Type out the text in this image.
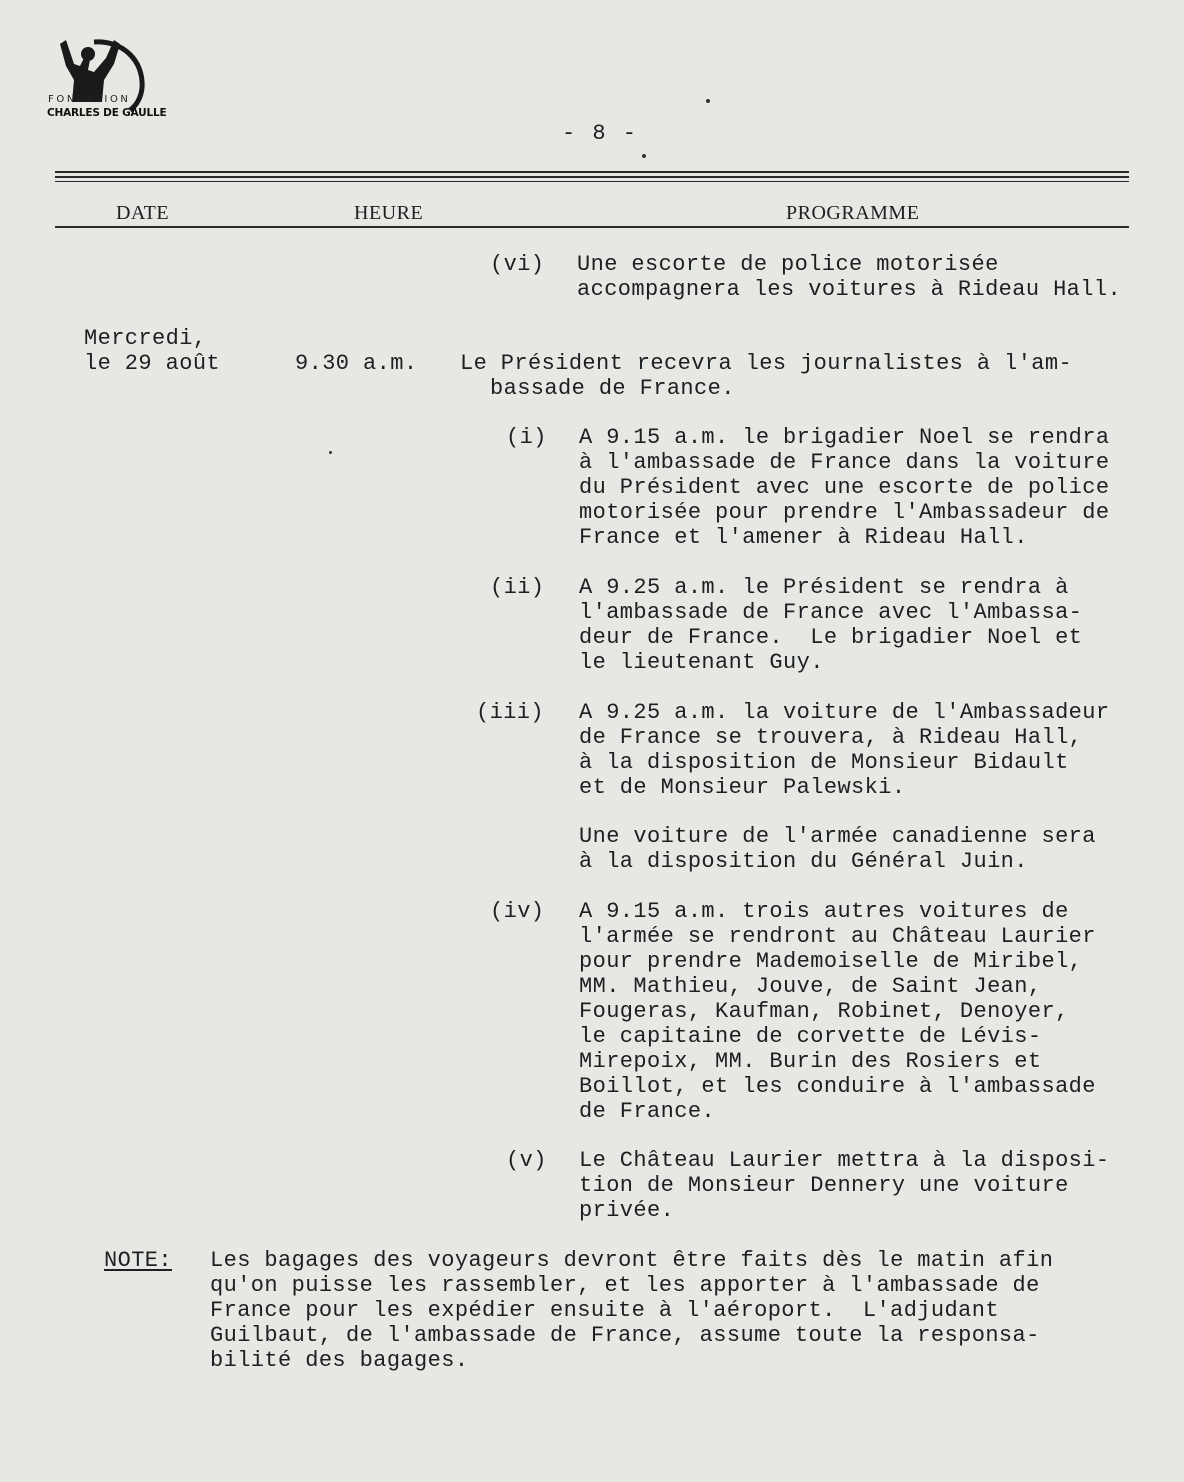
FONDATION
CHARLES DE GAULLE
- 8 -
DATE	HEURE	PROGRAMME
(vi) Une escorte de police motorisée
accompagnera les voitures à Rideau Hall.
Mercredi,
le 29 août	9.30 a.m. Le Président recevra les journalistes à l'am-
bassade de France.
(i) A 9.15 a.m. le brigadier Noel se rendra
à l'ambassade de France dans la voiture
du Président avec une escorte de police
motorisée pour prendre l'Ambassadeur de
France et l'amener à Rideau Hall.
(ii) A 9.25 a.m. le Président se rendra à
l'ambassade de France avec l'Ambassa-
deur de France.  Le brigadier Noel et
le lieutenant Guy.
(iii) A 9.25 a.m. la voiture de l'Ambassadeur
de France se trouvera, à Rideau Hall,
à la disposition de Monsieur Bidault
et de Monsieur Palewski.
Une voiture de l'armée canadienne sera
à la disposition du Général Juin.
(iv) A 9.15 a.m. trois autres voitures de
l'armée se rendront au Château Laurier
pour prendre Mademoiselle de Miribel,
MM. Mathieu, Jouve, de Saint Jean,
Fougeras, Kaufman, Robinet, Denoyer,
le capitaine de corvette de Lévis-
Mirepoix, MM. Burin des Rosiers et
Boillot, et les conduire à l'ambassade
de France.
(v) Le Château Laurier mettra à la disposi-
tion de Monsieur Dennery une voiture
privée.
NOTE: Les bagages des voyageurs devront être faits dès le matin afin
qu'on puisse les rassembler, et les apporter à l'ambassade de
France pour les expédier ensuite à l'aéroport.  L'adjudant
Guilbaut, de l'ambassade de France, assume toute la responsa-
bilité des bagages.
